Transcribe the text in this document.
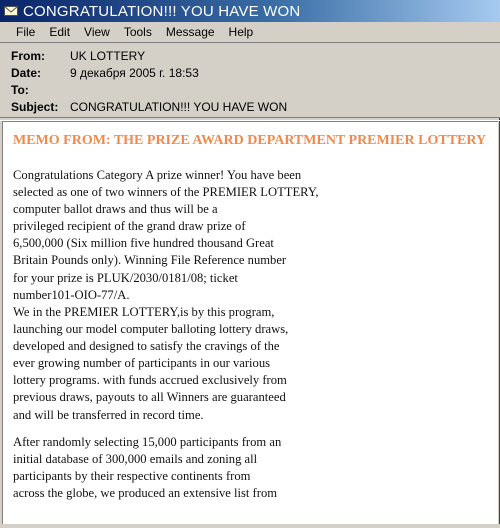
CONGRATULATION!!! YOU HAVE WON
File	Edit	View	Tools	Message	Help
From:	UK LOTTERY
Date:	9 декабря 2005 г. 18:53
To:
Subject: CONGRATULATION!!! YOU HAVE WON
MEMO FROM: THE PRIZE AWARD DEPARTMENT PREMIER LOTTERY
Congratulations Category A prize winner! You have been
selected as one of two winners of the PREMIER LOTTERY,
computer ballot draws and thus will be a
privileged recipient of the grand draw prize of
6,500,000 (Six million five hundred thousand Great
Britain Pounds only). Winning File Reference number
for your prize is PLUK/2030/0181/08; ticket
number101-OIO-77/A.
We in the PREMIER LOTTERY,is by this program,
launching our model computer balloting lottery draws,
developed and designed to satisfy the cravings of the
ever growing number of participants in our various
lottery programs. with funds accrued exclusively from
previous draws, payouts to all Winners are guaranteed
and will be transferred in record time.
After randomly selecting 15,000 participants from an
initial database of 300,000 emails and zoning all
participants by their respective continents from
across the globe, we produced an extensive list from
